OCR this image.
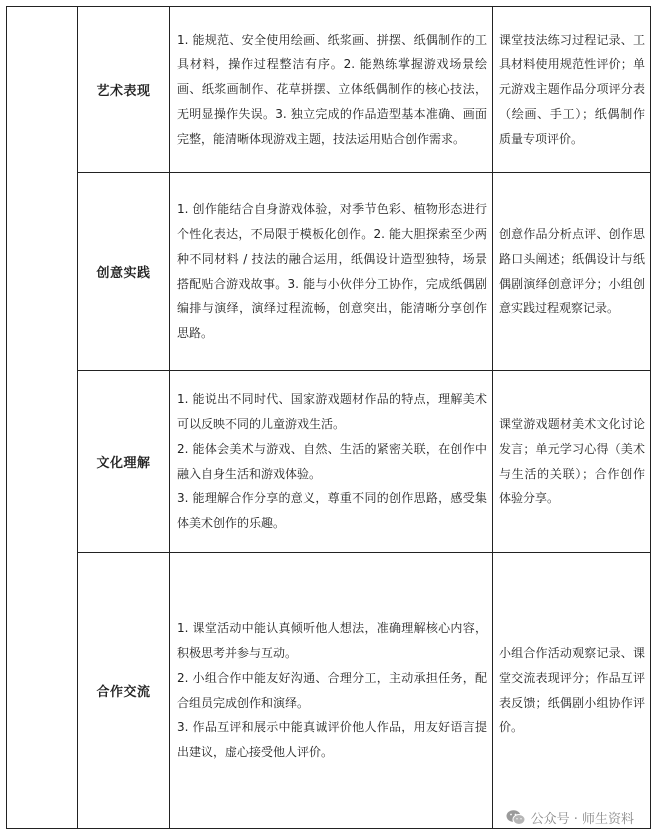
	艺术表现	1. 能规范、安全使用绘画、纸浆画、拼摆、纸偶制作的工具材料，操作过程整洁有序。2. 能熟练掌握游戏场景绘画、纸浆画制作、花草拼摆、立体纸偶制作的核心技法，无明显操作失误。3. 独立完成的作品造型基本准确、画面完整，能清晰体现游戏主题，技法运用贴合创作需求。	课堂技法练习过程记录、工具材料使用规范性评价；单元游戏主题作品分项评分表（绘画、手工）；纸偶制作质量专项评价。

	创意实践	1. 创作能结合自身游戏体验，对季节色彩、植物形态进行个性化表达，不局限于模板化创作。2. 能大胆探索至少两种不同材料 / 技法的融合运用，纸偶设计造型独特，场景搭配贴合游戏故事。3. 能与小伙伴分工协作，完成纸偶剧编排与演绎，演绎过程流畅，创意突出，能清晰分享创作思路。	创意作品分析点评、创作思路口头阐述；纸偶设计与纸偶剧演绎创意评分；小组创意实践过程观察记录。

	文化理解	1. 能说出不同时代、国家游戏题材作品的特点，理解美术可以反映不同的儿童游戏生活。
2. 能体会美术与游戏、自然、生活的紧密关联，在创作中融入自身生活和游戏体验。
3. 能理解合作分享的意义，尊重不同的创作思路，感受集体美术创作的乐趣。	课堂游戏题材美术文化讨论发言；单元学习心得（美术与生活的关联）；合作创作体验分享。

	合作交流	1. 课堂活动中能认真倾听他人想法，准确理解核心内容，积极思考并参与互动。
2. 小组合作中能友好沟通、合理分工，主动承担任务，配合组员完成创作和演绎。
3. 作品互评和展示中能真诚评价他人作品，用友好语言提出建议，虚心接受他人评价。	小组合作活动观察记录、课堂交流表现评分；作品互评表反馈；纸偶剧小组协作评价。
公众号 · 师生资料
